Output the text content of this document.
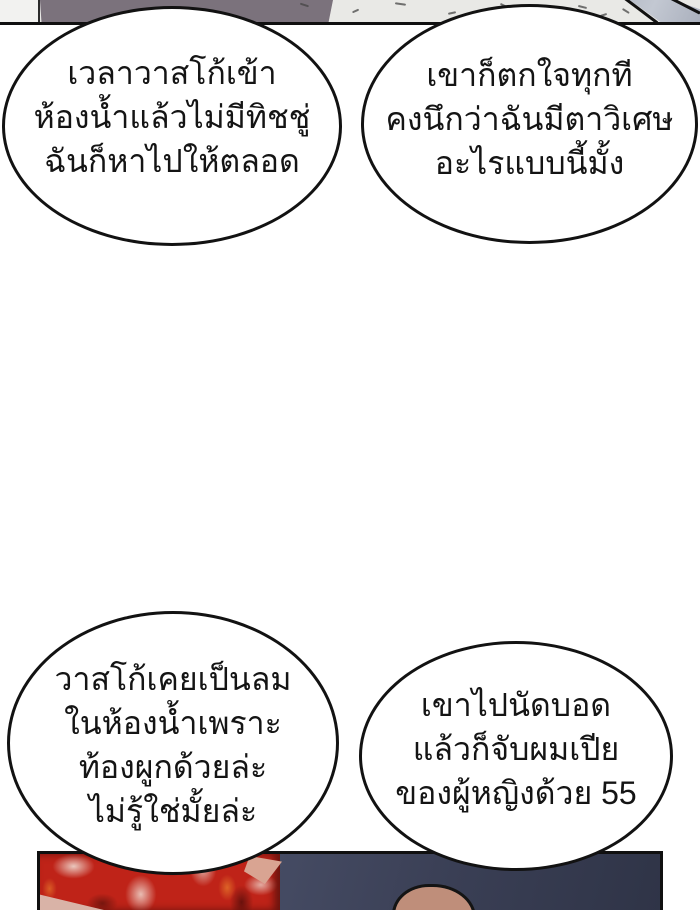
เวลาวาสโก้เข้า
ห้องน้ำแล้วไม่มีทิชชู่
ฉันก็หาไปให้ตลอด
เขาก็ตกใจทุกที
คงนึกว่าฉันมีตาวิเศษ
อะไรแบบนี้มั้ง
วาสโก้เคยเป็นลม
ในห้องน้ำเพราะ
ท้องผูกด้วยล่ะ
ไม่รู้ใช่มั้ยล่ะ
เขาไปนัดบอด
แล้วก็จับผมเปีย
ของผู้หญิงด้วย 55
